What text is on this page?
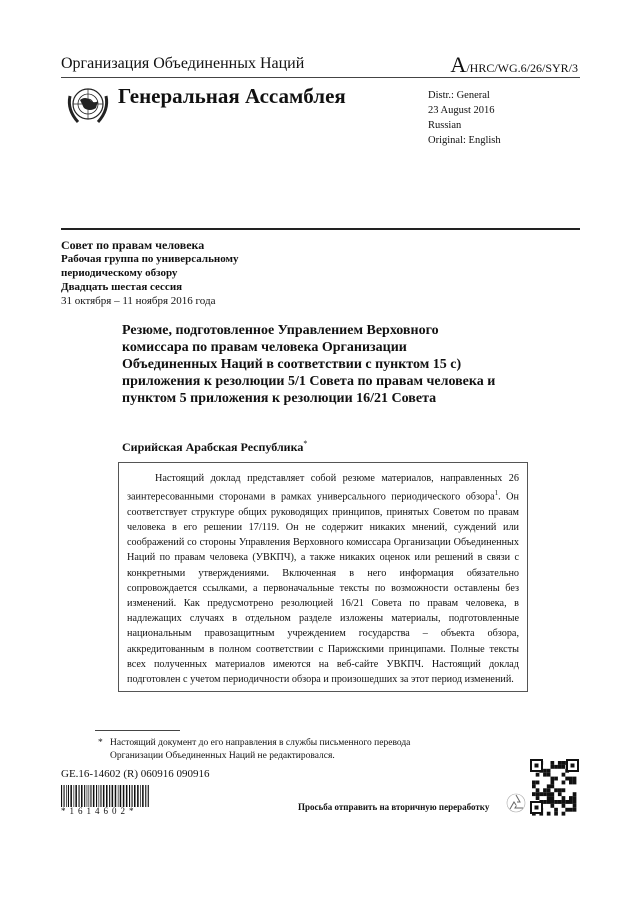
Организация Объединенных Наций	A/HRC/WG.6/26/SYR/3
Генеральная Ассамблея	Distr.: General
23 August 2016
Russian
Original: English
Совет по правам человека
Рабочая группа по универсальному
периодическому обзору
Двадцать шестая сессия
31 октября – 11 ноября 2016 года
Резюме, подготовленное Управлением Верховного комиссара по правам человека Организации Объединенных Наций в соответствии с пунктом 15 с) приложения к резолюции 5/1 Совета по правам человека и пунктом 5 приложения к резолюции 16/21 Совета
Сирийская Арабская Республика*

Настоящий доклад представляет собой резюме материалов, направленных 26 заинтересованными сторонами в рамках универсального периодического обзора$^1$. Он соответствует структуре общих руководящих принципов, принятых Советом по правам человека в его решении 17/119. Он не содержит никаких мнений, суждений или соображений со стороны Управления Верховного комиссара Организации Объединенных Наций по правам человека (УВКПЧ), а также никаких оценок или решений в связи с конкретными утверждениями. Включенная в него информация обязательно сопровождается ссылками, а первоначальные тексты по возможности оставлены без изменений. Как предусмотрено резолюцией 16/21 Совета по правам человека, в надлежащих случаях в отдельном разделе изложены материалы, подготовленные национальным правозащитным учреждением государства – объекта обзора, аккредитованным в полном соответствии с Парижскими принципами. Полные тексты всех полученных материалов имеются на веб-сайте УВКПЧ. Настоящий доклад подготовлен с учетом периодичности обзора и произошедших за этот период изменений.

* Настоящий документ до его направления в службы письменного перевода
Организации Объединенных Наций не редактировался.
GE.16-14602 (R) 060916 090916
*1614602*	Просьба отправить на вторичную переработку
